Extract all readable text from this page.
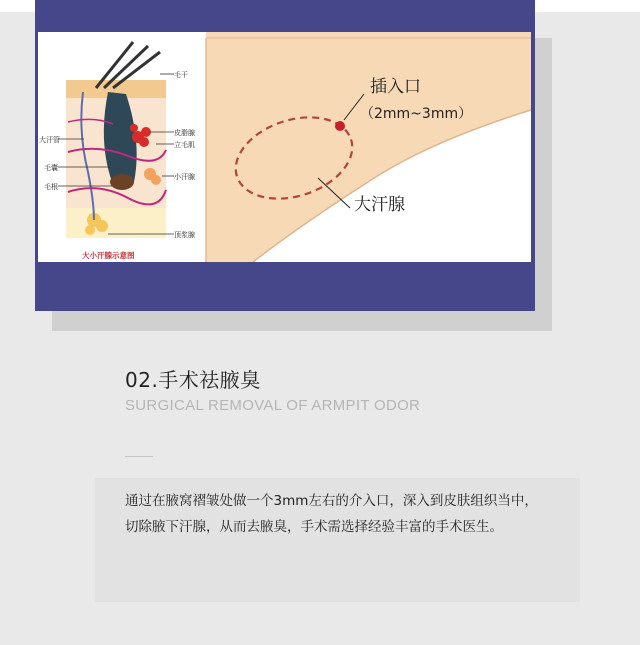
毛干
皮脂腺
立毛肌
大汗管
毛囊
毛根
小汗腺
顶浆腺
大小汗腺示意图
插入口
（2mm~3mm）
大汗腺
02.手术祛腋臭

SURGICAL REMOVAL OF ARMPIT ODOR

通过在腋窝褶皱处做一个3mm左右的介入口，深入到皮肤组织当中，
切除腋下汗腺，从而去腋臭，手术需选择经验丰富的手术医生。
